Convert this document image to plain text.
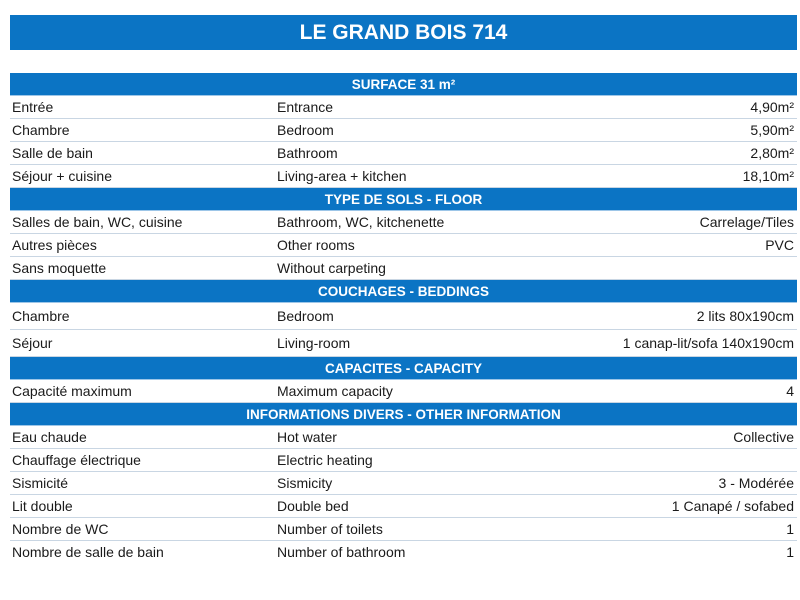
LE GRAND BOIS 714
SURFACE 31 m²
Entrée	Entrance	4,90m²
Chambre	Bedroom	5,90m²
Salle de bain	Bathroom	2,80m²
Séjour + cuisine	Living-area + kitchen	18,10m²
TYPE DE SOLS - FLOOR
Salles de bain, WC, cuisine	Bathroom, WC, kitchenette	Carrelage/Tiles
Autres pièces	Other rooms	PVC
Sans moquette	Without carpeting
COUCHAGES - BEDDINGS
Chambre	Bedroom	2 lits 80x190cm
Séjour	Living-room	1 canap-lit/sofa 140x190cm
CAPACITES - CAPACITY
Capacité maximum	Maximum capacity	4
INFORMATIONS DIVERS - OTHER INFORMATION
Eau chaude	Hot water	Collective
Chauffage électrique	Electric heating
Sismicité	Sismicity	3 - Modérée
Lit double	Double bed	1 Canapé / sofabed
Nombre de WC	Number of toilets	1
Nombre de salle de bain	Number of bathroom	1
